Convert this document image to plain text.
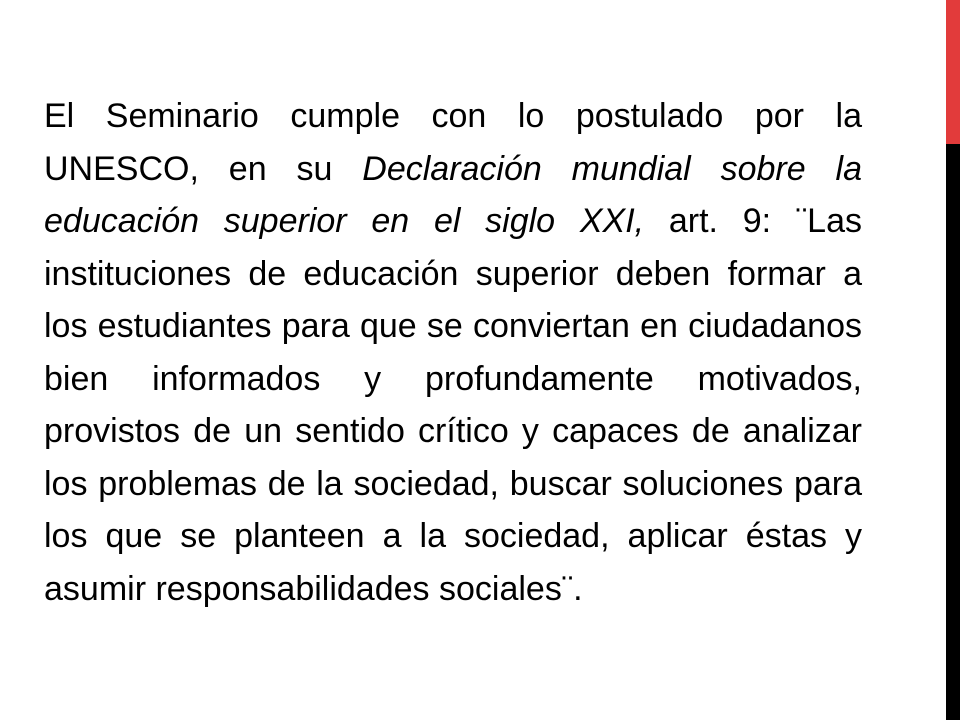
El Seminario cumple con lo postulado por la UNESCO, en su Declaración mundial sobre la educación superior en el siglo XXI, art. 9: ¨Las instituciones de educación superior deben formar a los estudiantes para que se conviertan en ciudadanos bien informados y profundamente motivados, provistos de un sentido crítico y capaces de analizar los problemas de la sociedad, buscar soluciones para los que se planteen a la sociedad, aplicar éstas y asumir responsabilidades sociales¨.
